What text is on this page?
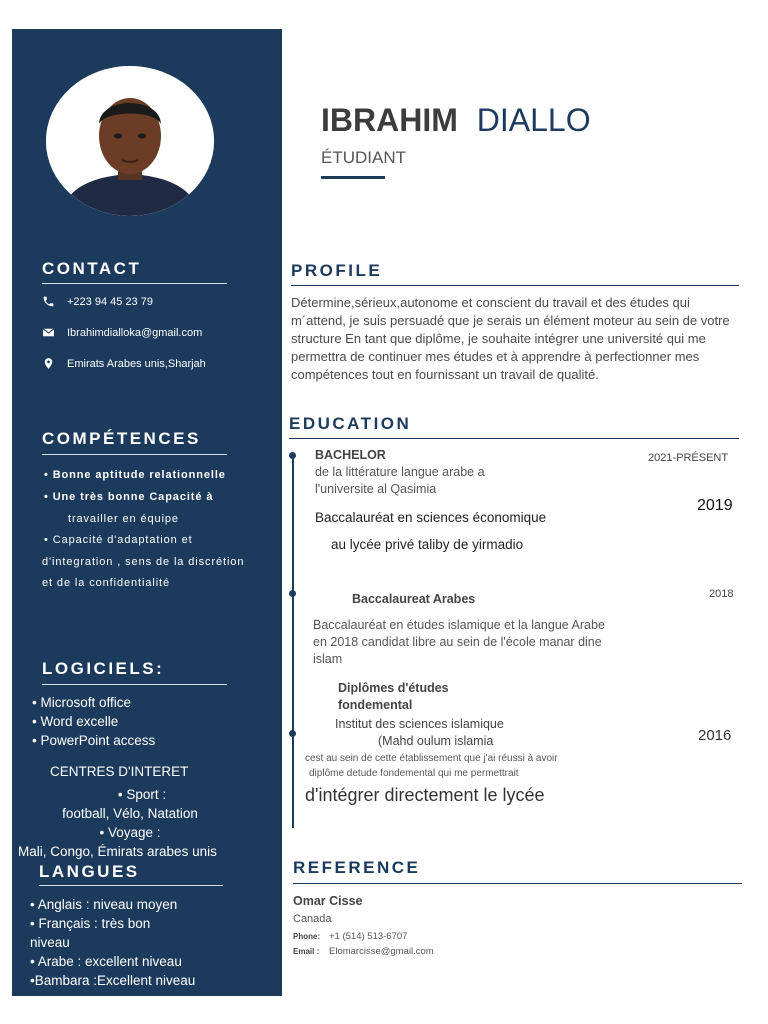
CONTACT
+223 94 45 23 79
Ibrahimdialloka@gmail.com
Emirats Arabes unis,Sharjah
COMPÉTENCES
• Bonne aptitude relationnelle
• Une très bonne Capacité à
travailler en équipe
• Capacité d'adaptation et
d'integration , sens de la discrétion
et de la confidentialité
LOGICIELS:
• Microsoft office
• Word excelle
• PowerPoint access
CENTRES D'INTERET
• Sport :
football, Vélo, Natation
• Voyage :
Mali, Congo, Émirats arabes unis
LANGUES
• Anglais : niveau moyen
• Français : très bon
niveau
• Arabe : excellent niveau
•Bambara :Excellent niveau
IBRAHIM DIALLO
ÉTUDIANT
PROFILE
Détermine,sérieux,autonome et conscient du travail et des études qui
m´attend, je suis persuadé que je serais un élément moteur au sein de votre
structure En tant que diplôme, je souhaite intégrer une université qui me
permettra de continuer mes études et à apprendre à perfectionner mes
compétences tout en fournissant un travail de qualité.
EDUCATION
BACHELOR
de la littérature langue arabe a
l'universite al Qasimia
2021-PRÉSENT
Baccalauréat en sciences économique
au lycée privé taliby de yirmadio
2019
Baccalaureat Arabes	2018
Baccalauréat en études islamique et la langue Arabe
en 2018 candidat libre au sein de l'école manar dine
islam
Diplômes d'études
fondemental
Institut des sciences islamique
(Mahd oulum islamia	2016
cest au sein de cette établissement que j'ai réussi à avoir
diplôme detude fondemental qui me permettrait
d'intégrer directement le lycée
REFERENCE
Omar Cisse
Canada
Phone: +1 (514) 513-6707
Email : Elomarcisse@gmail.com
